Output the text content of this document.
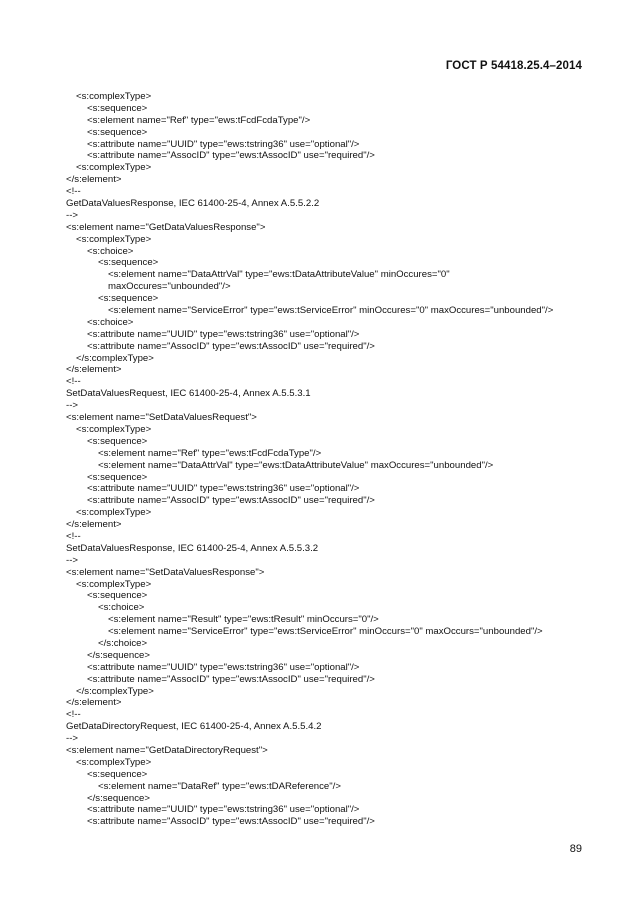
ГОСТ Р 54418.25.4–2014
<s:complexType>
<s:sequence>
<s:element name="Ref" type="ews:tFcdFcdaType"/>
<s:sequence>
<s:attribute name="UUID" type="ews:tstring36" use="optional"/>
<s:attribute name="AssocID" type="ews:tAssocID" use="required"/>
<s:complexType>
</s:element>
<!--
GetDataValuesResponse, IEC 61400-25-4, Annex A.5.5.2.2
-->
<s:element name="GetDataValuesResponse">
<s:complexType>
<s:choice>
<s:sequence>
<s:element name="DataAttrVal" type="ews:tDataAttributeValue" minOccures="0"
maxOccures="unbounded"/>
<s:sequence>
<s:element name="ServiceError" type="ews:tServiceError" minOccures="0" maxOccures="unbounded"/>
<s:choice>
<s:attribute name="UUID" type="ews:tstring36" use="optional"/>
<s:attribute name="AssocID" type="ews:tAssocID" use="required"/>
</s:complexType>
</s:element>
<!--
SetDataValuesRequest, IEC 61400-25-4, Annex A.5.5.3.1
-->
<s:element name="SetDataValuesRequest">
<s:complexType>
<s:sequence>
<s:element name="Ref" type="ews:tFcdFcdaType"/>
<s:element name="DataAttrVal" type="ews:tDataAttributeValue" maxOccures="unbounded"/>
<s:sequence>
<s:attribute name="UUID" type="ews:tstring36" use="optional"/>
<s:attribute name="AssocID" type="ews:tAssocID" use="required"/>
<s:complexType>
</s:element>
<!--
SetDataValuesResponse, IEC 61400-25-4, Annex A.5.5.3.2
-->
<s:element name="SetDataValuesResponse">
<s:complexType>
<s:sequence>
<s:choice>
<s:element name="Result" type="ews:tResult" minOccurs="0"/>
<s:element name="ServiceError" type="ews:tServiceError" minOccurs="0" maxOccurs="unbounded"/>
</s:choice>
</s:sequence>
<s:attribute name="UUID" type="ews:tstring36" use="optional"/>
<s:attribute name="AssocID" type="ews:tAssocID" use="required"/>
</s:complexType>
</s:element>
<!--
GetDataDirectoryRequest, IEC 61400-25-4, Annex A.5.5.4.2
-->
<s:element name="GetDataDirectoryRequest">
<s:complexType>
<s:sequence>
<s:element name="DataRef" type="ews:tDAReference"/>
</s:sequence>
<s:attribute name="UUID" type="ews:tstring36" use="optional"/>
<s:attribute name="AssocID" type="ews:tAssocID" use="required"/>
89
